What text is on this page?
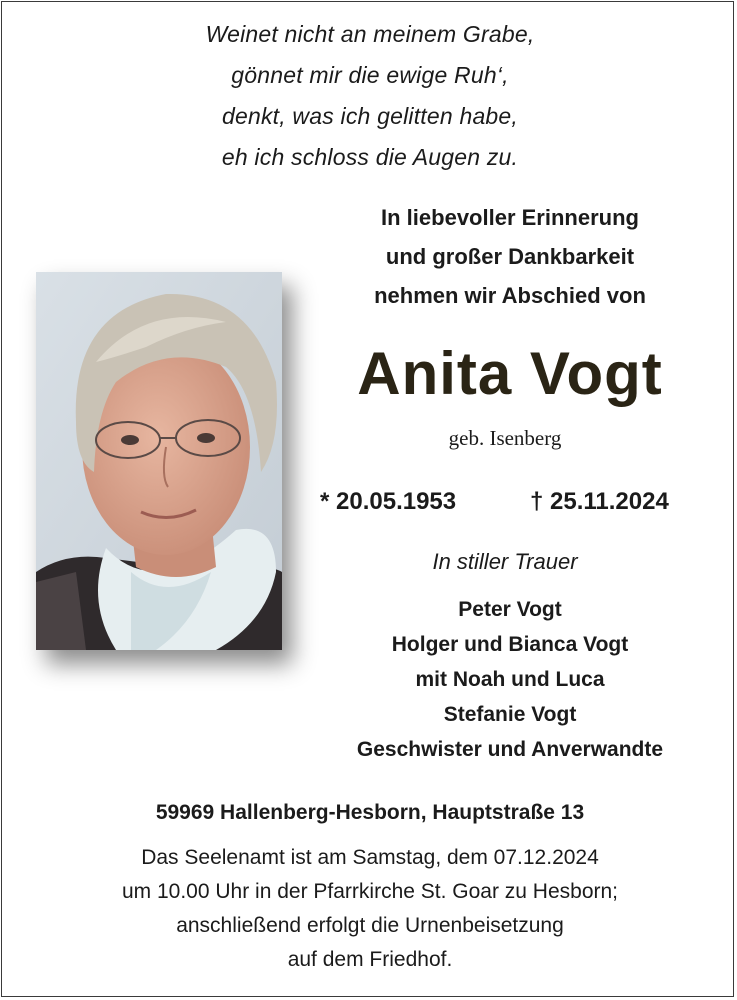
Weinet nicht an meinem Grabe,
gönnet mir die ewige Ruh‘,
denkt, was ich gelitten habe,
eh ich schloss die Augen zu.
In liebevoller Erinnerung
und großer Dankbarkeit
nehmen wir Abschied von
Anita Vogt
geb. Isenberg
* 20.05.1953	† 25.11.2024
In stiller Trauer
Peter Vogt
Holger und Bianca Vogt
mit Noah und Luca
Stefanie Vogt
Geschwister und Anverwandte
59969 Hallenberg-Hesborn, Hauptstraße 13
Das Seelenamt ist am Samstag, dem 07.12.2024
um 10.00 Uhr in der Pfarrkirche St. Goar zu Hesborn;
anschließend erfolgt die Urnenbeisetzung
auf dem Friedhof.
